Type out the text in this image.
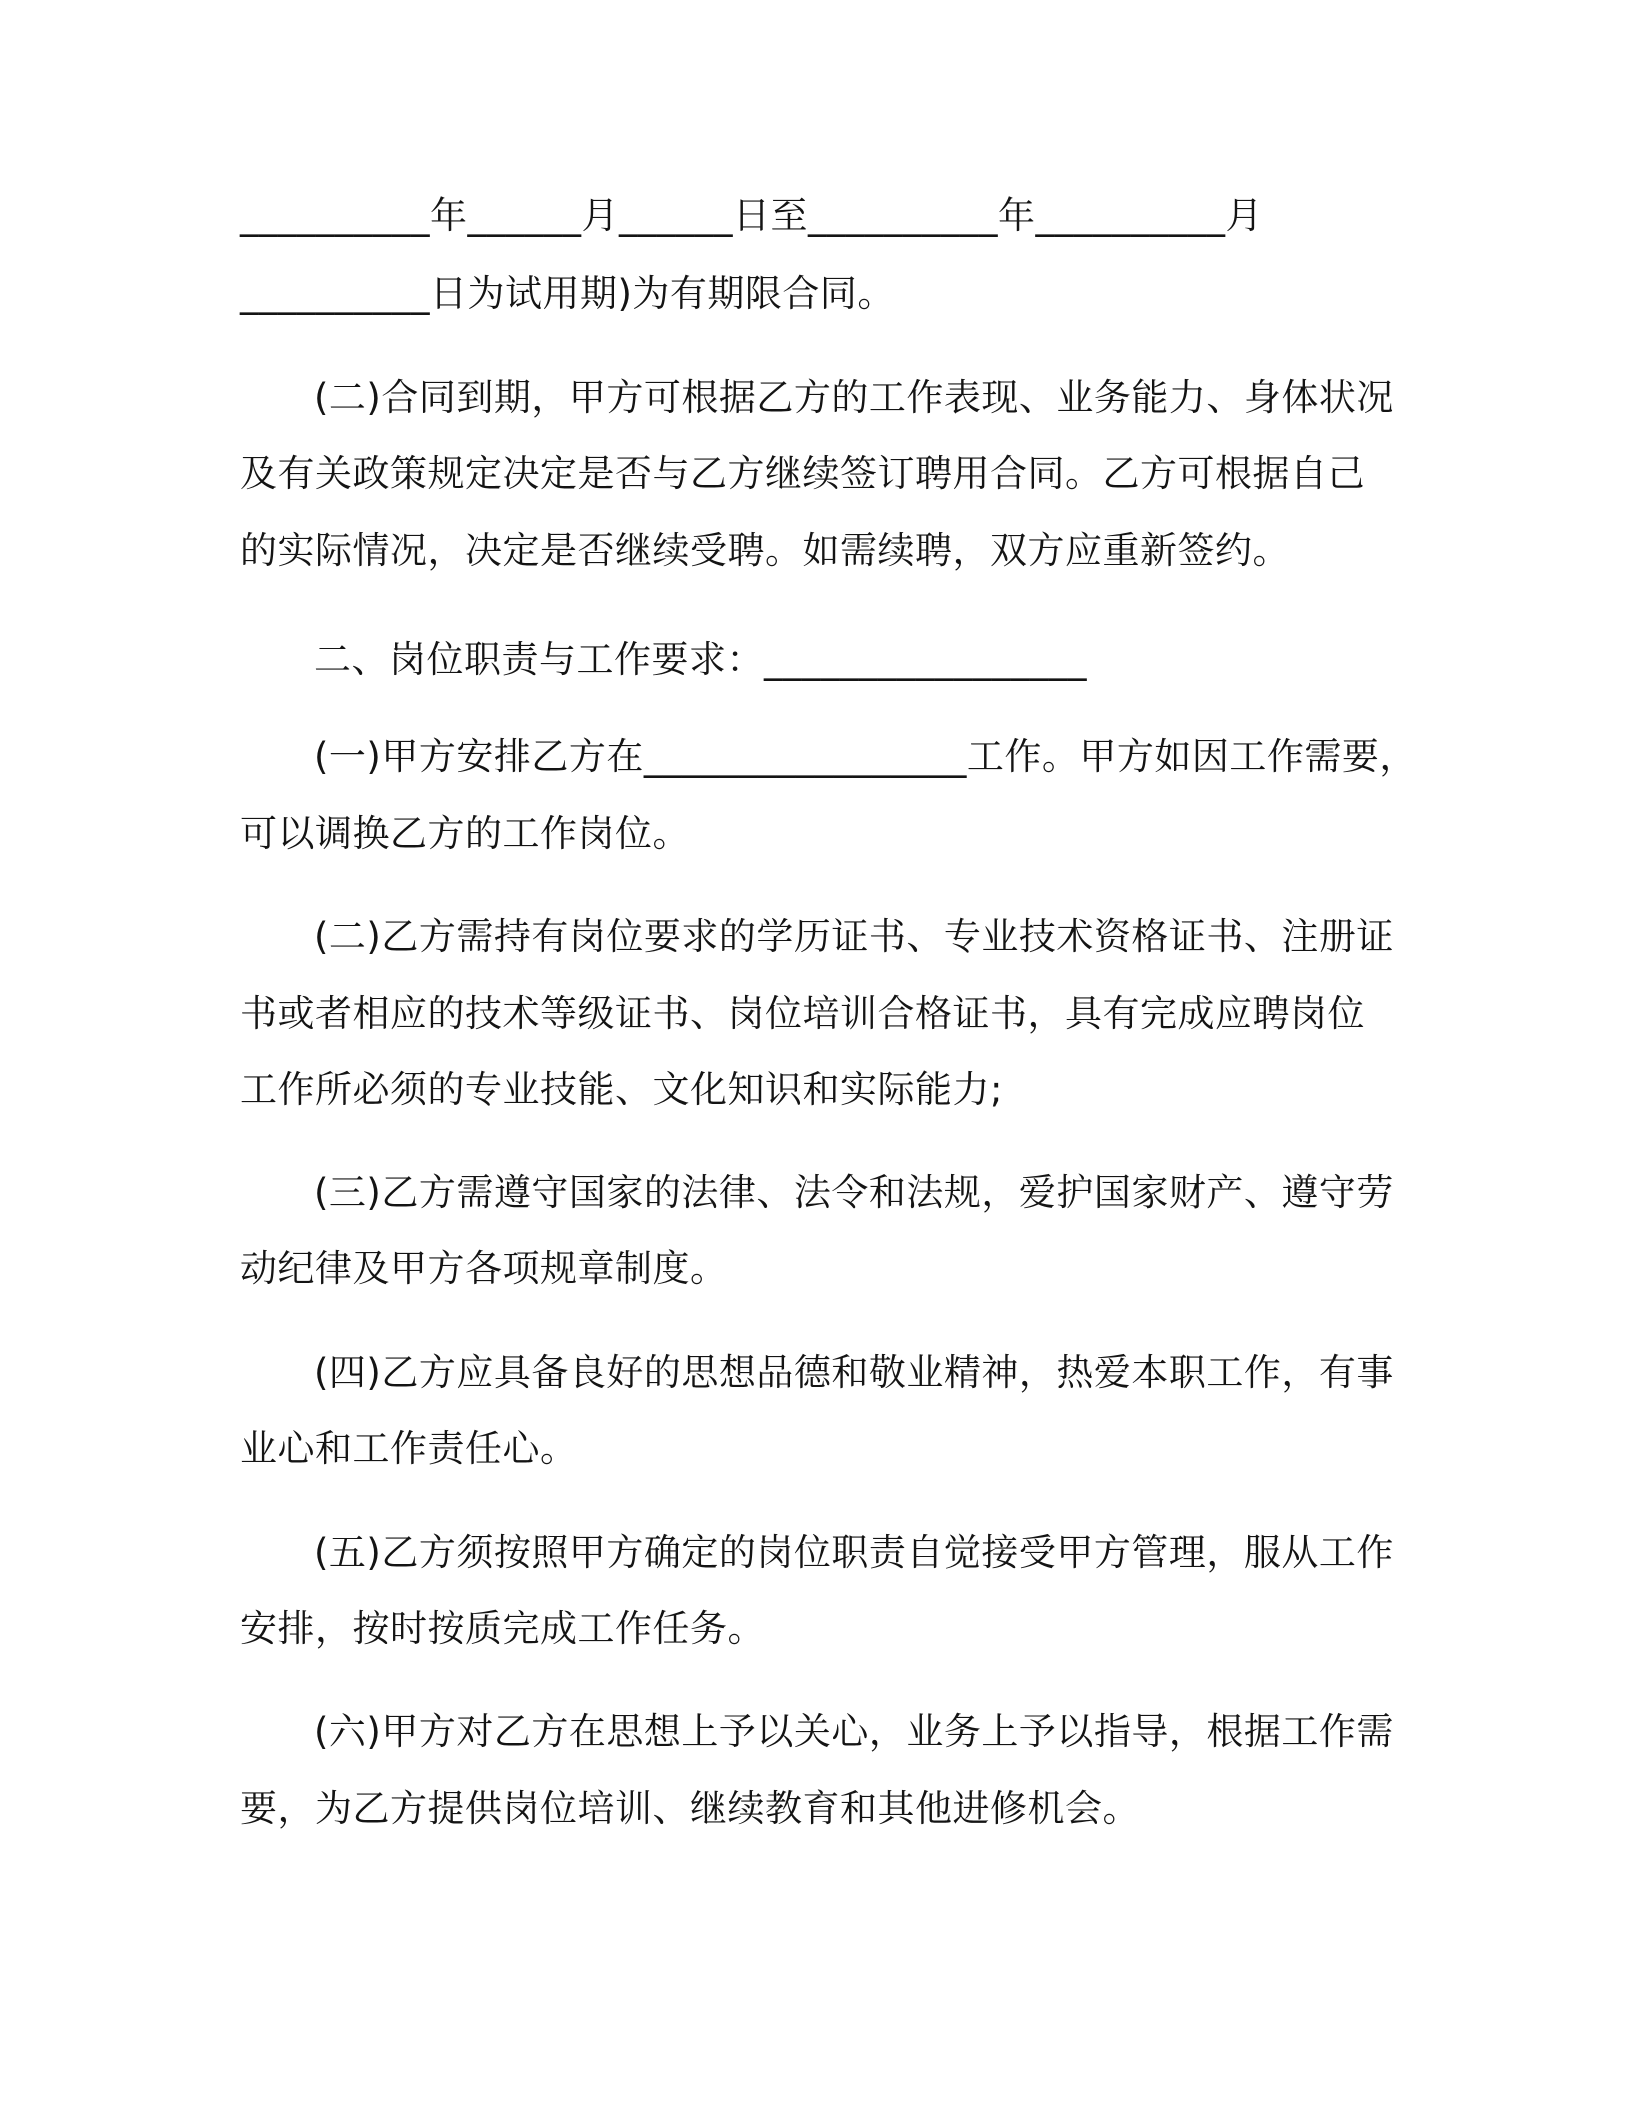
__________年______月______日至__________年__________月
__________日为试用期)为有期限合同。
(二)合同到期，甲方可根据乙方的工作表现、业务能力、身体状况
及有关政策规定决定是否与乙方继续签订聘用合同。乙方可根据自己
的实际情况，决定是否继续受聘。如需续聘，双方应重新签约。
二、岗位职责与工作要求：_________________
(一)甲方安排乙方在_________________工作。甲方如因工作需要，
可以调换乙方的工作岗位。
(二)乙方需持有岗位要求的学历证书、专业技术资格证书、注册证
书或者相应的技术等级证书、岗位培训合格证书，具有完成应聘岗位
工作所必须的专业技能、文化知识和实际能力;
(三)乙方需遵守国家的法律、法令和法规，爱护国家财产、遵守劳
动纪律及甲方各项规章制度。
(四)乙方应具备良好的思想品德和敬业精神，热爱本职工作，有事
业心和工作责任心。
(五)乙方须按照甲方确定的岗位职责自觉接受甲方管理，服从工作
安排，按时按质完成工作任务。
(六)甲方对乙方在思想上予以关心，业务上予以指导，根据工作需
要，为乙方提供岗位培训、继续教育和其他进修机会。
